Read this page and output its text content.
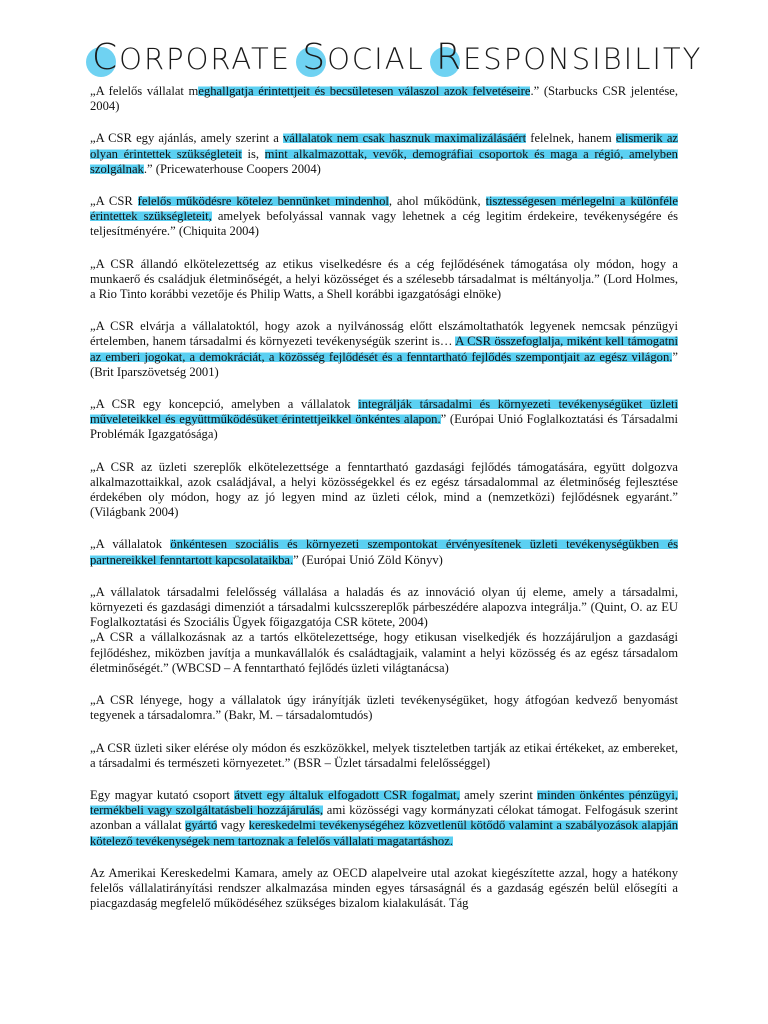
CORPORATE SOCIAL RESPONSIBILITY

„A felelős vállalat meghallgatja érintettjeit és becsületesen válaszol azok felvetéseire.” (Starbucks CSR jelentése, 2004)

„A CSR egy ajánlás, amely szerint a vállalatok nem csak hasznuk maximalizálásáért felelnek, hanem elismerik az olyan érintettek szükségleteit is, mint alkalmazottak, vevők, demográfiai csoportok és maga a régió, amelyben szolgálnak.” (Pricewaterhouse Coopers 2004)

„A CSR felelős működésre kötelez bennünket mindenhol, ahol működünk, tisztességesen mérlegelni a különféle érintettek szükségleteit, amelyek befolyással vannak vagy lehetnek a cég legitim érdekeire, tevékenységére és teljesítményére.” (Chiquita 2004)

„A CSR állandó elkötelezettség az etikus viselkedésre és a cég fejlődésének támogatása oly módon, hogy a munkaerő és családjuk életminőségét, a helyi közösséget és a szélesebb társadalmat is méltányolja.” (Lord Holmes, a Rio Tinto korábbi vezetője és Philip Watts, a Shell korábbi igazgatósági elnöke)

„A CSR elvárja a vállalatoktól, hogy azok a nyilvánosság előtt elszámoltathatók legyenek nemcsak pénzügyi értelemben, hanem társadalmi és környezeti tevékenységük szerint is… A CSR összefoglalja, miként kell támogatni az emberi jogokat, a demokráciát, a közösség fejlődését és a fenntartható fejlődés szempontjait az egész világon.” (Brit Iparszövetség 2001)

„A CSR egy koncepció, amelyben a vállalatok integrálják társadalmi és környezeti tevékenységüket üzleti műveleteikkel és együttműködésüket érintettjeikkel önkéntes alapon.” (Európai Unió Foglalkoztatási és Társadalmi Problémák Igazgatósága)

„A CSR az üzleti szereplők elkötelezettsége a fenntartható gazdasági fejlődés támogatására, együtt dolgozva alkalmazottaikkal, azok családjával, a helyi közösségekkel és ez egész társadalommal az életminőség fejlesztése érdekében oly módon, hogy az jó legyen mind az üzleti célok, mind a (nemzetközi) fejlődésnek egyaránt.” (Világbank 2004)

„A vállalatok önkéntesen szociális és környezeti szempontokat érvényesítenek üzleti tevékenységükben és partnereikkel fenntartott kapcsolataikba.” (Európai Unió Zöld Könyv)

„A vállalatok társadalmi felelősség vállalása a haladás és az innováció olyan új eleme, amely a társadalmi, környezeti és gazdasági dimenziót a társadalmi kulcsszereplők párbeszédére alapozva integrálja.” (Quint, O. az EU Foglalkoztatási és Szociális Ügyek főigazgatója CSR kötete, 2004)

„A CSR a vállalkozásnak az a tartós elkötelezettsége, hogy etikusan viselkedjék és hozzájáruljon a gazdasági fejlődéshez, miközben javítja a munkavállalók és családtagjaik, valamint a helyi közösség és az egész társadalom életminőségét.” (WBCSD – A fenntartható fejlődés üzleti világtanácsa)

„A CSR lényege, hogy a vállalatok úgy irányítják üzleti tevékenységüket, hogy átfogóan kedvező benyomást tegyenek a társadalomra.” (Bakr, M. – társadalomtudós)

„A CSR üzleti siker elérése oly módon és eszközökkel, melyek tiszteletben tartják az etikai értékeket, az embereket, a társadalmi és természeti környezetet.” (BSR – Üzlet társadalmi felelősséggel)

Egy magyar kutató csoport átvett egy általuk elfogadott CSR fogalmat, amely szerint minden önkéntes pénzügyi, termékbeli vagy szolgáltatásbeli hozzájárulás, ami közösségi vagy kormányzati célokat támogat. Felfogásuk szerint azonban a vállalat gyártó vagy kereskedelmi tevékenységéhez közvetlenül kötődő valamint a szabályozások alapján kötelező tevékenységek nem tartoznak a felelős vállalati magatartáshoz.

Az Amerikai Kereskedelmi Kamara, amely az OECD alapelveire utal azokat kiegészítette azzal, hogy a hatékony felelős vállalatirányítási rendszer alkalmazása minden egyes társaságnál és a gazdaság egészén belül elősegíti a piacgazdaság megfelelő működéséhez szükséges bizalom kialakulását. Tág
